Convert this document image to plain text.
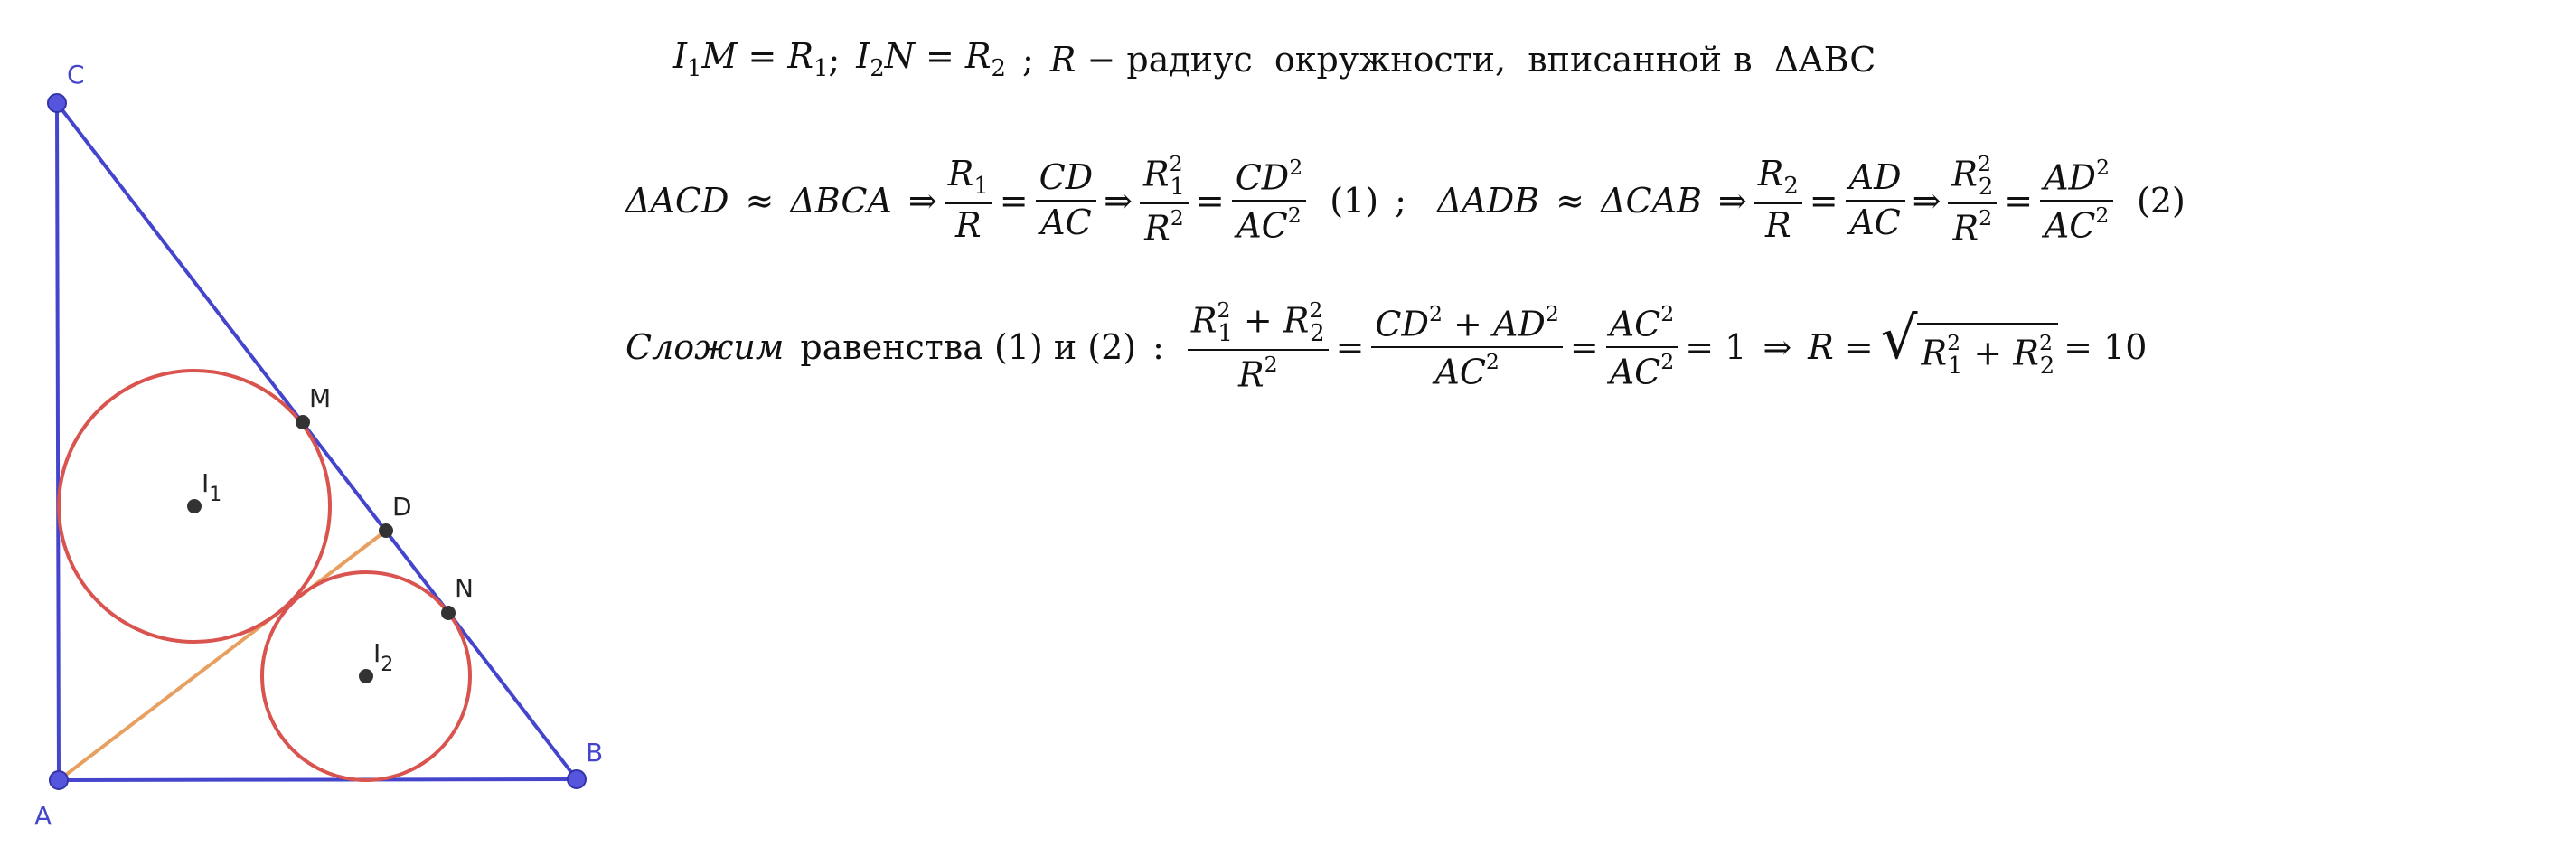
C
A
B
M
D
N
$I_1$
$I_2$
$I_1M = R_1$ ; $I_2N = R_2$ ; R − радиус  окружности,  вписанной в ΔABC
ΔACD ≈ ΔBCA ⇒ $\frac{R_1}{R} = \frac{CD}{AC}$ ⇒ $\frac{R^2_1}{R^2} = \frac{CD^2}{AC^2} (1)$ ; ΔADB ≈ ΔCAB ⇒ $\frac{R_2}{R} = \frac{AD}{AC}$ ⇒ $\frac{R^2_2}{R^2} = \frac{AD^2}{AC^2} (2)$
Cложим равенства (1) и (2) : $\frac{R^2_1 + R^2_2}{R^2} = \frac{CD^2 + AD^2}{AC^2} = \frac{AC^2}{AC^2} = 1$ ⇒ R = √ $R^2_1 + R^2_2 = 10$
